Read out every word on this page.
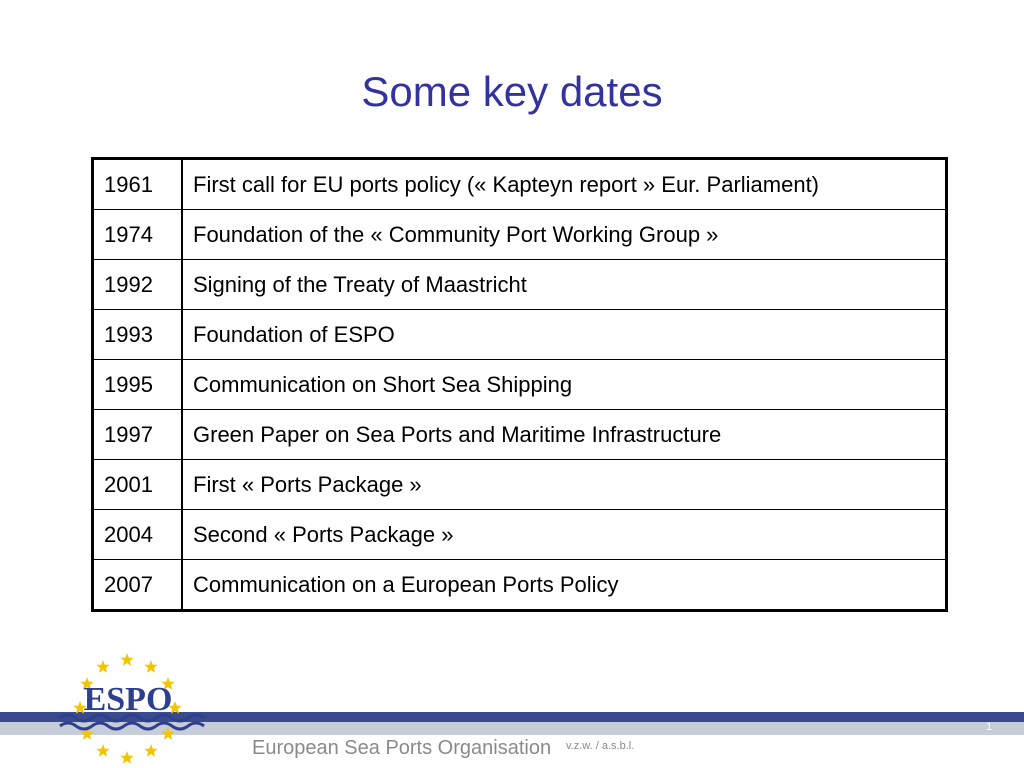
Some key dates
1961	First call for EU ports policy (« Kapteyn report » Eur. Parliament)
1974	Foundation of the « Community Port Working Group »
1992	Signing of the Treaty of Maastricht
1993	Foundation of ESPO
1995	Communication on Short Sea Shipping
1997	Green Paper on Sea Ports and Maritime Infrastructure
2001	First « Ports Package »
2004	Second « Ports Package »
2007	Communication on a European Ports Policy
1
European Sea Ports Organisation v.z.w. / a.s.b.l.
ESPO
